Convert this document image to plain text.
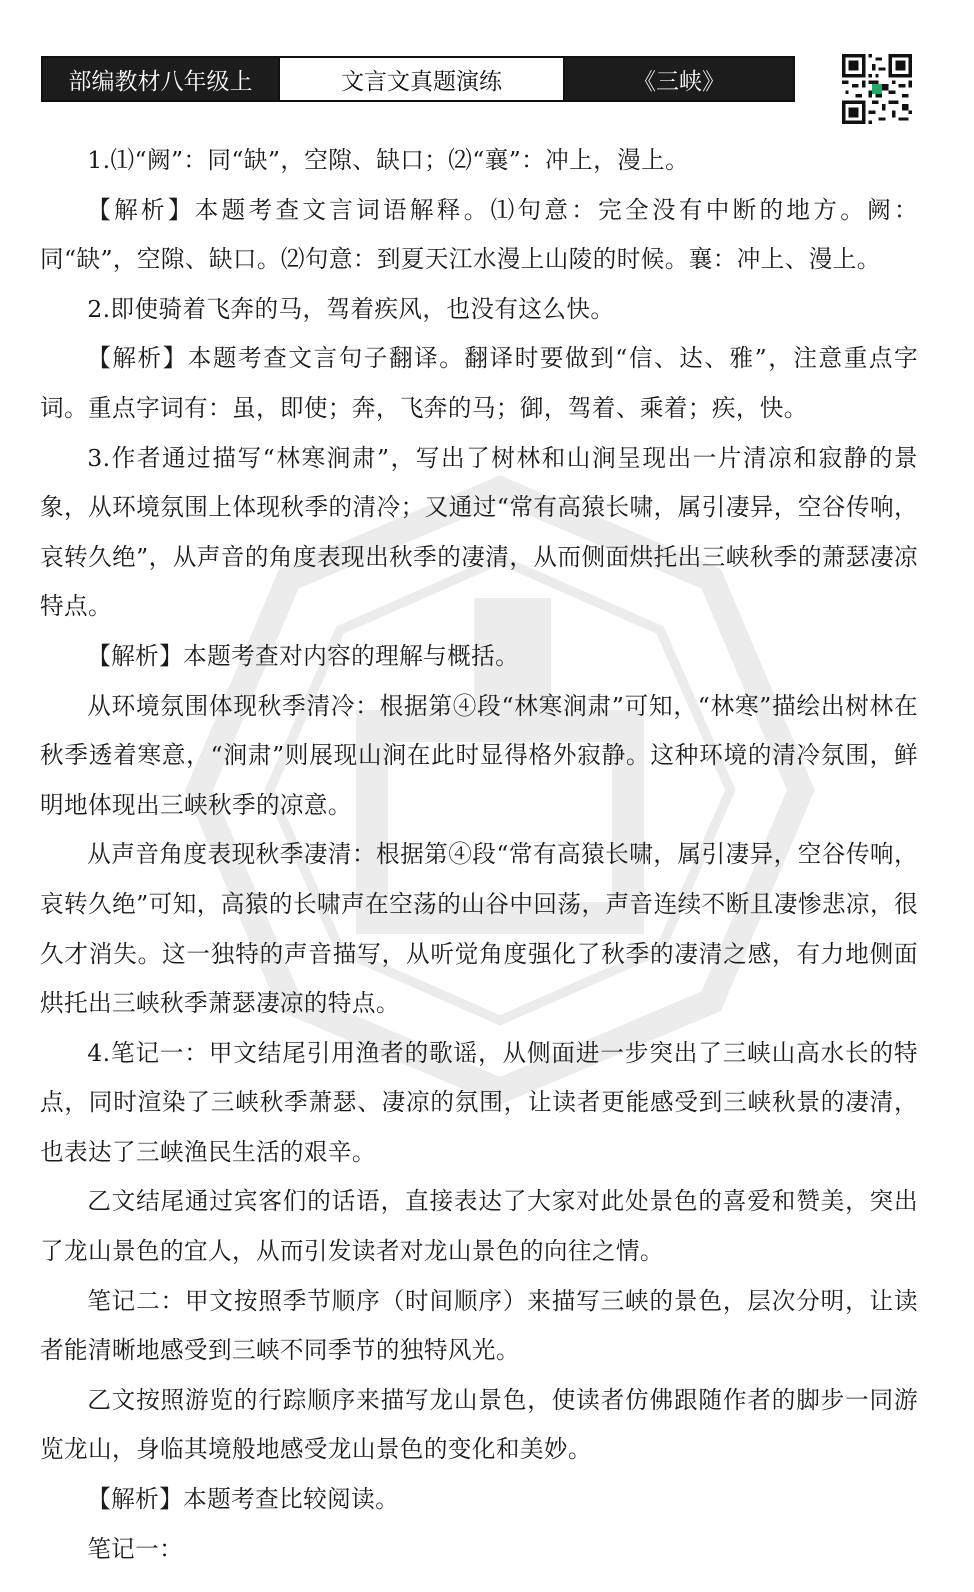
部编教材八年级上	文言文真题演练	《三峡》

1.⑴“阙”：同“缺”，空隙、缺口；⑵“襄”：冲上，漫上。

【解析】本题考查文言词语解释。⑴句意：完全没有中断的地方。阙：同“缺”，空隙、缺口。⑵句意：到夏天江水漫上山陵的时候。襄：冲上、漫上。

2.即使骑着飞奔的马，驾着疾风，也没有这么快。

【解析】本题考查文言句子翻译。翻译时要做到“信、达、雅”，注意重点字词。重点字词有：虽，即使；奔，飞奔的马；御，驾着、乘着；疾，快。

3.作者通过描写“林寒涧肃”，写出了树林和山涧呈现出一片清凉和寂静的景象，从环境氛围上体现秋季的清冷；又通过“常有高猿长啸，属引凄异，空谷传响，哀转久绝”，从声音的角度表现出秋季的凄清，从而侧面烘托出三峡秋季的萧瑟凄凉特点。

【解析】本题考查对内容的理解与概括。

从环境氛围体现秋季清冷：根据第④段“林寒涧肃”可知，“林寒”描绘出树林在秋季透着寒意，“涧肃”则展现山涧在此时显得格外寂静。这种环境的清冷氛围，鲜明地体现出三峡秋季的凉意。

从声音角度表现秋季凄清：根据第④段“常有高猿长啸，属引凄异，空谷传响，哀转久绝”可知，高猿的长啸声在空荡的山谷中回荡，声音连续不断且凄惨悲凉，很久才消失。这一独特的声音描写，从听觉角度强化了秋季的凄清之感，有力地侧面烘托出三峡秋季萧瑟凄凉的特点。

4.笔记一：甲文结尾引用渔者的歌谣，从侧面进一步突出了三峡山高水长的特点，同时渲染了三峡秋季萧瑟、凄凉的氛围，让读者更能感受到三峡秋景的凄清，也表达了三峡渔民生活的艰辛。

乙文结尾通过宾客们的话语，直接表达了大家对此处景色的喜爱和赞美，突出了龙山景色的宜人，从而引发读者对龙山景色的向往之情。

笔记二：甲文按照季节顺序（时间顺序）来描写三峡的景色，层次分明，让读者能清晰地感受到三峡不同季节的独特风光。

乙文按照游览的行踪顺序来描写龙山景色，使读者仿佛跟随作者的脚步一同游览龙山，身临其境般地感受龙山景色的变化和美妙。

【解析】本题考查比较阅读。

笔记一：
